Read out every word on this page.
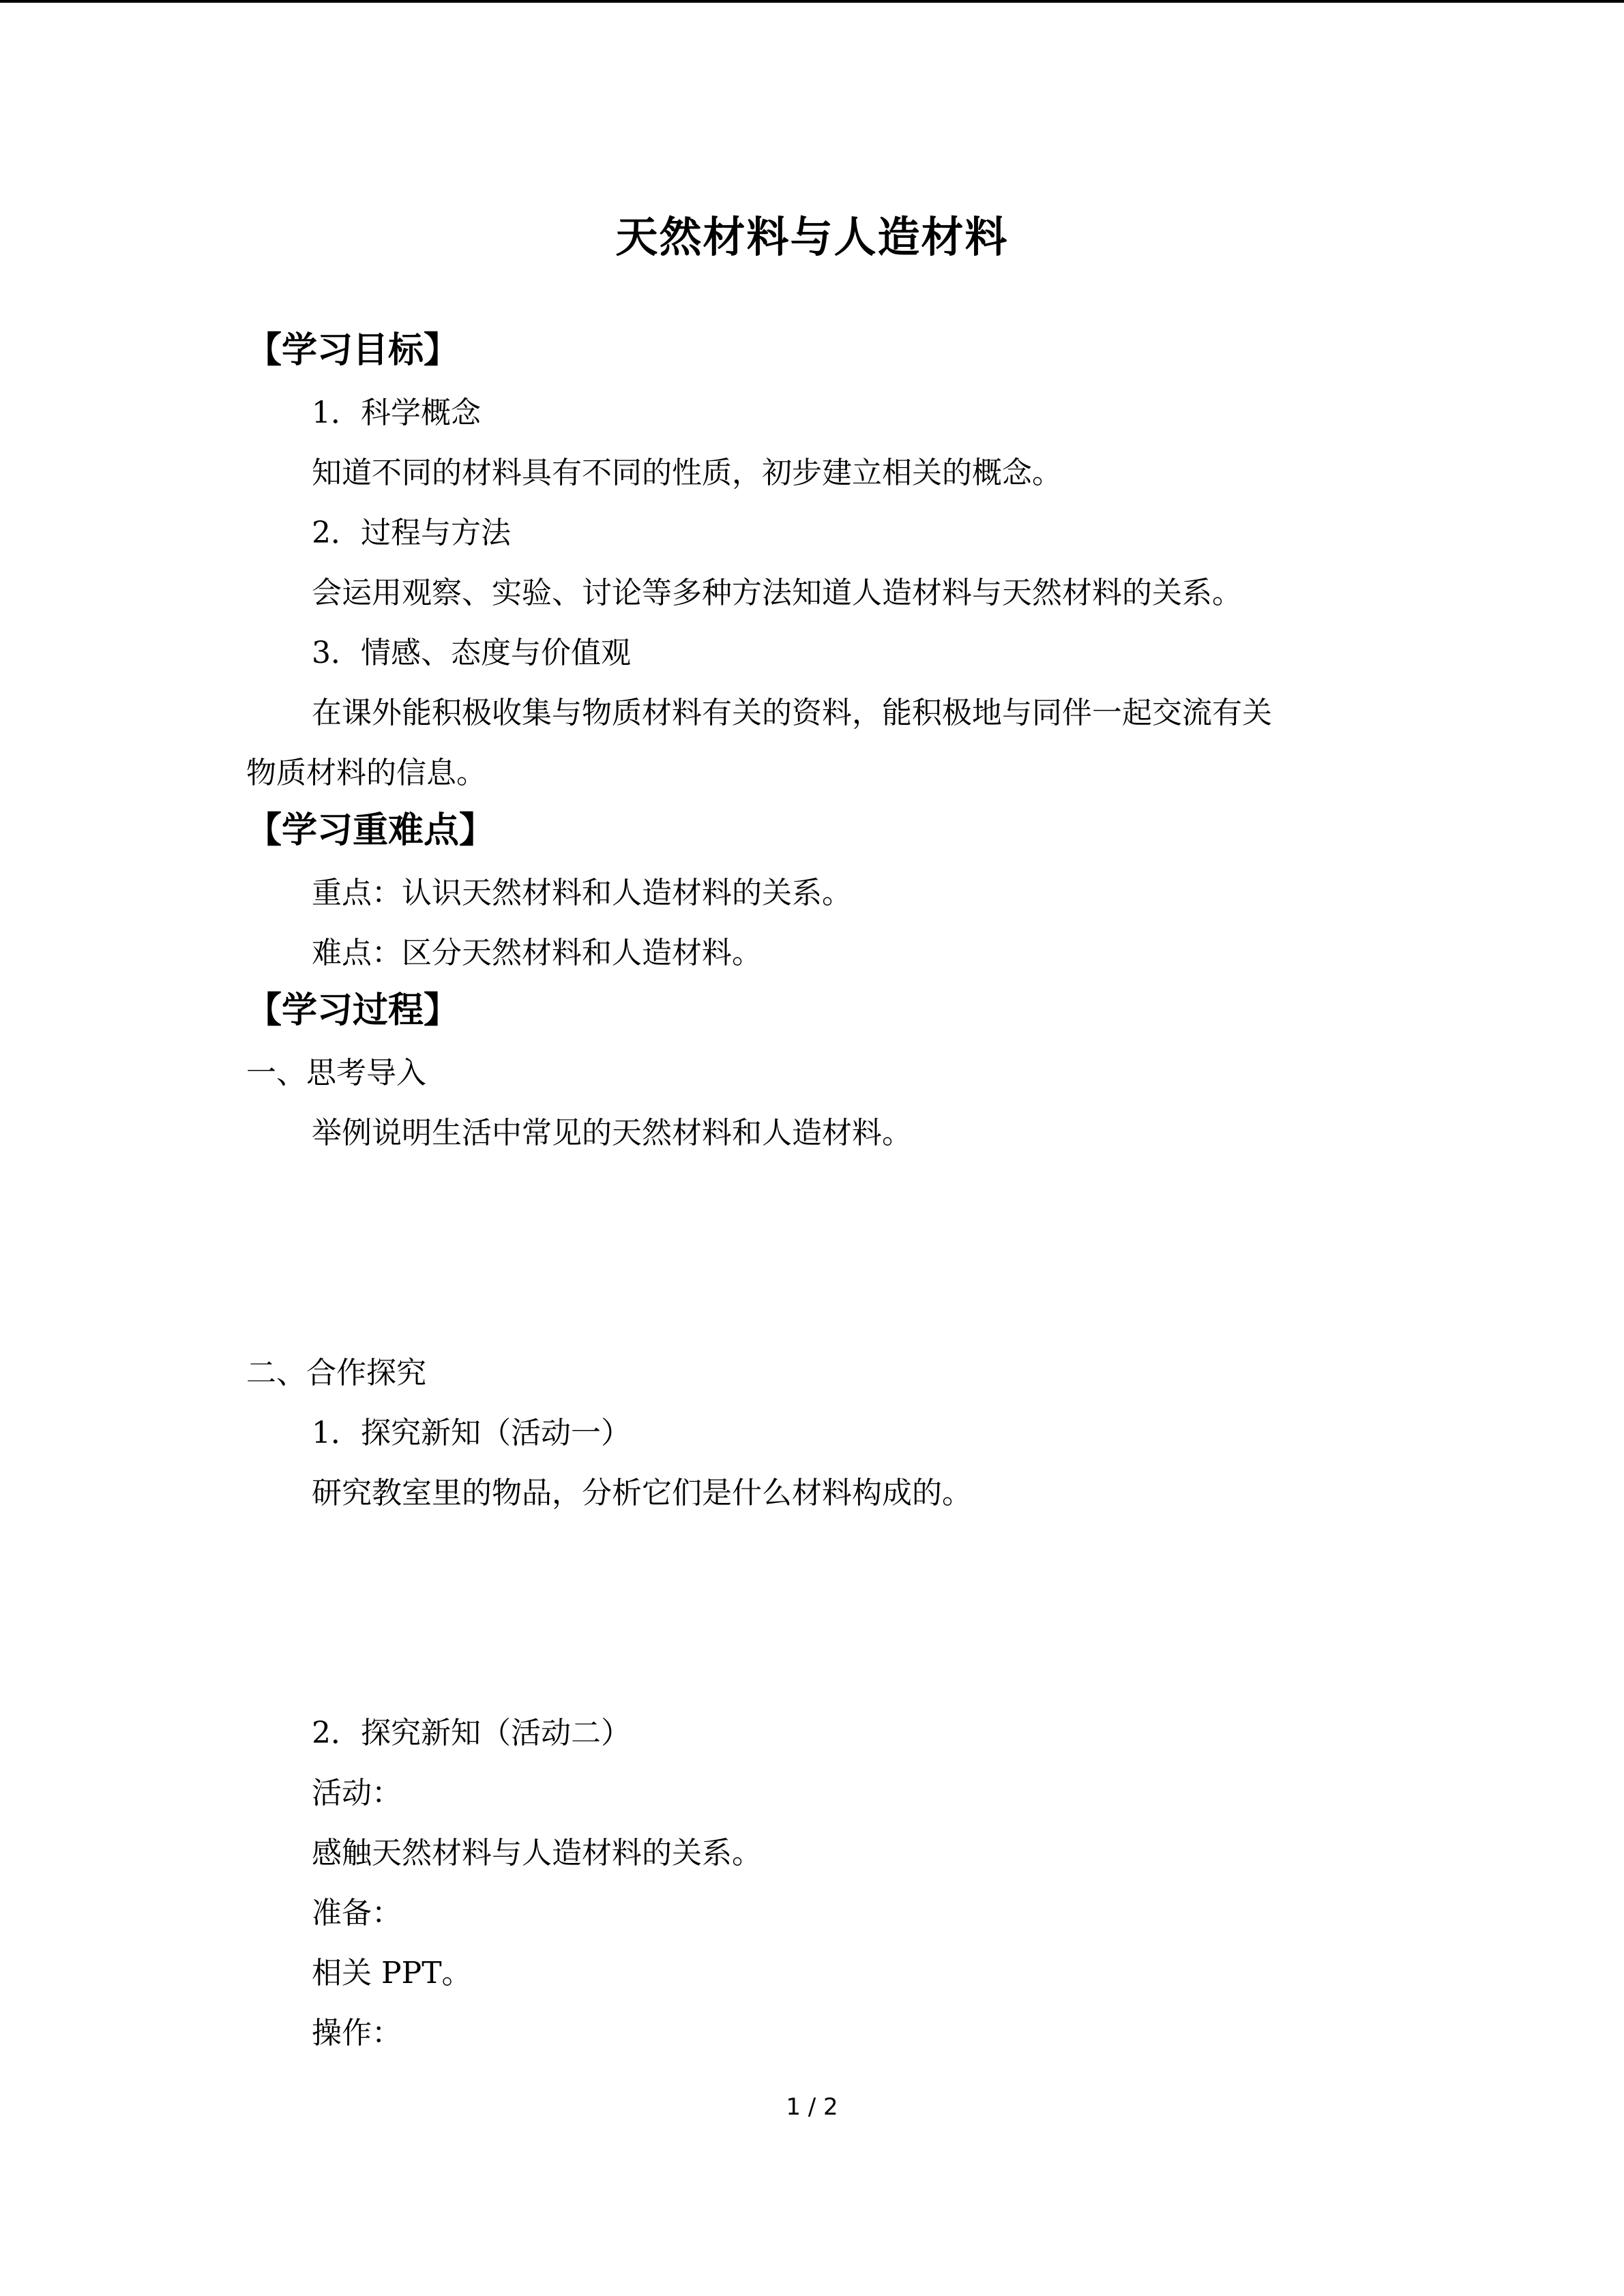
天然材料与人造材料
【学习目标】
1．科学概念
知道不同的材料具有不同的性质，初步建立相关的概念。
2．过程与方法
会运用观察、实验、讨论等多种方法知道人造材料与天然材料的关系。
3．情感、态度与价值观
在课外能积极收集与物质材料有关的资料，能积极地与同伴一起交流有关
物质材料的信息。
【学习重难点】
重点：认识天然材料和人造材料的关系。
难点：区分天然材料和人造材料。
【学习过程】
一、思考导入
举例说明生活中常见的天然材料和人造材料。
二、合作探究
1．探究新知（活动一）
研究教室里的物品，分析它们是什么材料构成的。
2．探究新知（活动二）
活动：
感触天然材料与人造材料的关系。
准备：
相关 PPT。
操作：
1 / 2
